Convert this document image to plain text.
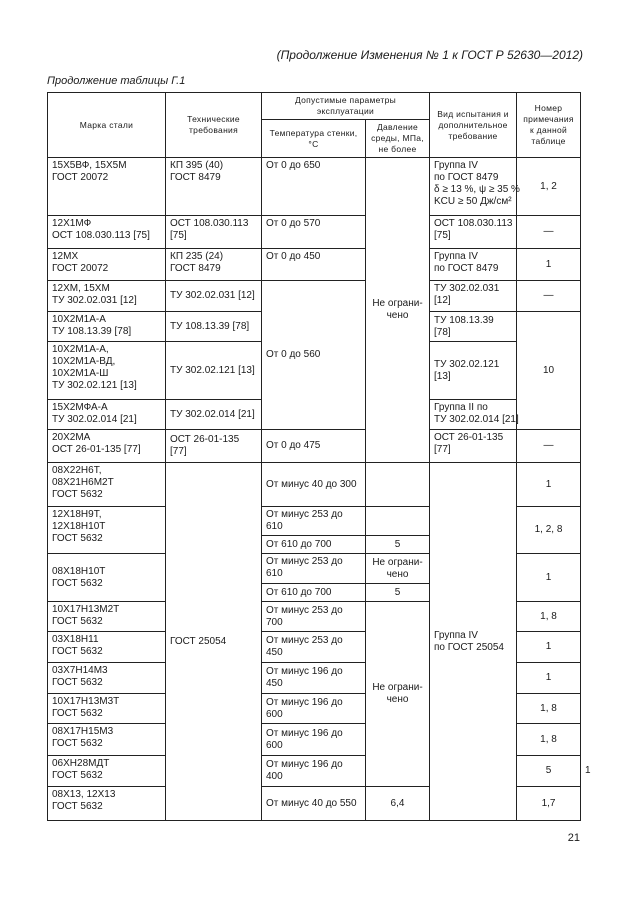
(Продолжение Изменения № 1 к ГОСТ Р 52630—2012)
Продолжение таблицы Г.1
Марка стали	Технические требования	Допустимые параметры эксплуатации		Вид испытания и дополнительное требование	Номер примечания к данной таблице	
		Температура стенки, °С	Давление среды, МПа, не более			

15Х5ВФ, 15Х5М
ГОСТ 20072	КП 395 (40)
ГОСТ 8479	От 0 до 650	Не ограни-
чено	Группа IV
по ГОСТ 8479
δ ≥ 13 %, ψ ≥ 35 %
KCU ≥ 50 Дж/см²	1, 2	

12Х1МФ
ОСТ 108.030.113 [75]	ОСТ 108.030.113
[75]	От 0 до 570		ОСТ 108.030.113
[75]	—	

12МХ
ГОСТ 20072	КП 235 (24)
ГОСТ 8479	От 0 до 450		Группа IV
по ГОСТ 8479	1	

12ХМ, 15ХМ
ТУ 302.02.031 [12]	ТУ 302.02.031 [12]	От 0 до 560		ТУ 302.02.031
[12]	—	

10Х2М1А-А
ТУ 108.13.39 [78]	ТУ 108.13.39 [78]			ТУ 108.13.39 [78]	10	

10Х2М1А-А,
10Х2М1А-ВД,
10Х2М1А-Ш
ТУ 302.02.121 [13]	ТУ 302.02.121 [13]			ТУ 302.02.121
[13]		

15Х2МФА-А
ТУ 302.02.014 [21]	ТУ 302.02.014 [21]			Группа II по
ТУ 302.02.014 [21]		

20Х2МА
ОСТ 26-01-135 [77]	ОСТ 26-01-135 [77]	От 0 до 475		ОСТ 26-01-135
[77]	—	

08Х22Н6Т,
08Х21Н6М2Т
ГОСТ 5632	ГОСТ 25054	От минус 40 до 300		Группа IV
по ГОСТ 25054	1	

12Х18Н9Т,
12Х18Н10Т
ГОСТ 5632		От минус 253 до 610			1, 2, 8	
		От 610 до 700	5			

08Х18Н10Т
ГОСТ 5632		От минус 253 до
610	Не ограни-
чено		1	
		От 610 до 700	5			

10Х17Н13М2Т
ГОСТ 5632		От минус 253 до 700	Не ограни-
чено		1, 8	

03Х18Н11
ГОСТ 5632		От минус 253 до 450			1	

03Х7Н14М3
ГОСТ 5632		От минус 196 до 450			1	

10Х17Н13М3Т
ГОСТ 5632		От минус 196 до 600			1, 8	

08Х17Н15М3
ГОСТ 5632		От минус 196 до 600			1, 8	

06ХН28МДТ
ГОСТ 5632		От минус 196 до 400			5	1

08Х13, 12Х13
ГОСТ 5632		От минус 40 до 550	6,4		1,7	
21
